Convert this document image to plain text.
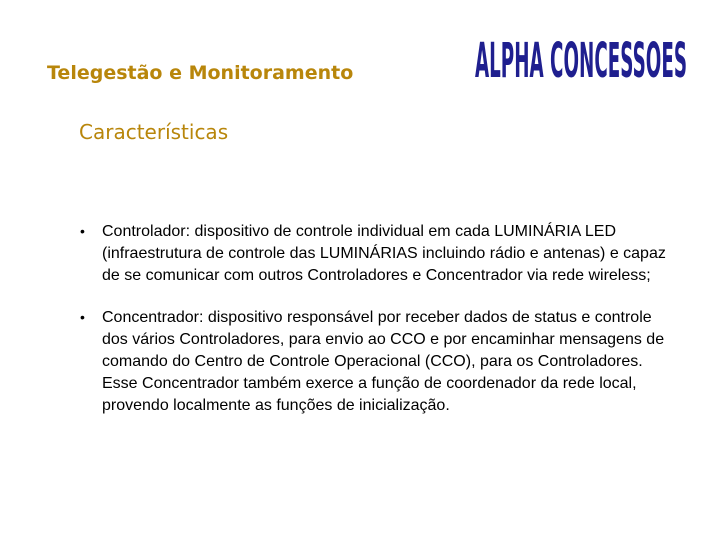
Telegestão e Monitoramento	ALPHA CONCESSOES
Características
• Controlador: dispositivo de controle individual em cada LUMINÁRIA LED (infraestrutura de controle das LUMINÁRIAS incluindo rádio e antenas) e capaz de se comunicar com outros Controladores e Concentrador via rede wireless;
• Concentrador: dispositivo responsável por receber dados de status e controle dos vários Controladores, para envio ao CCO e por encaminhar mensagens de comando do Centro de Controle Operacional (CCO), para os Controladores. Esse Concentrador também exerce a função de coordenador da rede local, provendo localmente as funções de inicialização.
